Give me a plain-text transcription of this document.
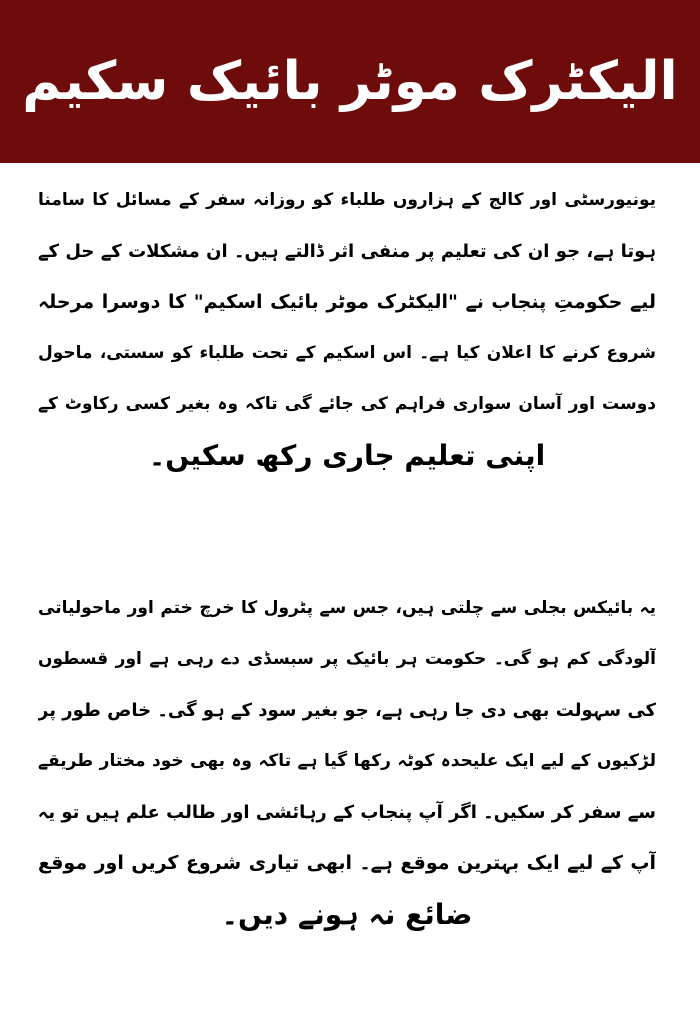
الیکٹرک موٹر بائیک سکیم

یونیورسٹی اور کالج کے ہزاروں طلباء کو روزانہ سفر کے مسائل کا سامنا
ہوتا ہے، جو ان کی تعلیم پر منفی اثر ڈالتے ہیں۔ ان مشکلات کے حل کے
لیے حکومتِ پنجاب نے "الیکٹرک موٹر بائیک اسکیم" کا دوسرا مرحلہ
شروع کرنے کا اعلان کیا ہے۔ اس اسکیم کے تحت طلباء کو سستی، ماحول
دوست اور آسان سواری فراہم کی جائے گی تاکہ وہ بغیر کسی رکاوٹ کے
اپنی تعلیم جاری رکھ سکیں۔

یہ بائیکس بجلی سے چلتی ہیں، جس سے پٹرول کا خرچ ختم اور ماحولیاتی
آلودگی کم ہو گی۔ حکومت ہر بائیک پر سبسڈی دے رہی ہے اور قسطوں
کی سہولت بھی دی جا رہی ہے، جو بغیر سود کے ہو گی۔ خاص طور پر
لڑکیوں کے لیے ایک علیحدہ کوٹہ رکھا گیا ہے تاکہ وہ بھی خود مختار طریقے
سے سفر کر سکیں۔ اگر آپ پنجاب کے رہائشی اور طالب علم ہیں تو یہ
آپ کے لیے ایک بہترین موقع ہے۔ ابھی تیاری شروع کریں اور موقع
ضائع نہ ہونے دیں۔
